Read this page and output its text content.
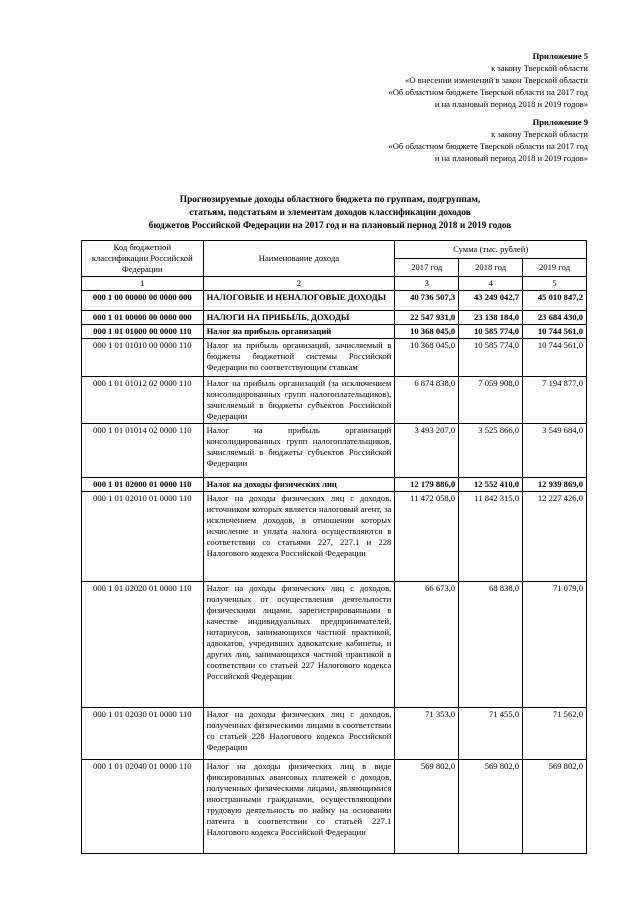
Приложение 5
к закону Тверской области
«О внесении изменений в закон Тверской области
«Об областном бюджете Тверской области на 2017 год
и на плановый период 2018 и 2019 годов»
Приложение 9
к закону Тверской области
«Об областном бюджете Тверской области на 2017 год
и на плановый период 2018 и 2019 годов»
Прогнозируемые доходы областного бюджета по группам, подгруппам,
статьям, подстатьям и элементам доходов классификации доходов
бюджетов Российской Федерации на 2017 год и на плановый период 2018 и 2019 годов
Код бюджетной классификации Российской Федерации	Наименование дохода	Сумма (тыс. рублей)		
		2017 год	2018 год	2019 год
1	2	3	4	5
000 1 00 00000 00 0000 000	НАЛОГОВЫЕ И НЕНАЛОГОВЫЕ ДОХОДЫ	40 736 507,3	43 249 042,7	45 010 847,2
000 1 01 00000 00 0000 000	НАЛОГИ НА ПРИБЫЛЬ, ДОХОДЫ	22 547 931,0	23 138 184,0	23 684 430,0
000 1 01 01000 00 0000 110	Налог на прибыль организаций	10 368 045,0	10 585 774,0	10 744 561,0
000 1 01 01010 00 0000 110	Налог на прибыль организаций, зачисляемый в бюджеты бюджетной системы Российской Федерации по соответствующим ставкам	10 368 045,0	10 585 774,0	10 744 561,0
000 1 01 01012 02 0000 110	Налог на прибыль организаций (за исключением консолидированных групп налогоплательщиков), зачисляемый в бюджеты субъектов Российской Федерации	6 874 838,0	7 059 908,0	7 194 877,0
000 1 01 01014 02 0000 110	Налог на прибыль организаций консолидированных групп налогоплательщиков, зачисляемый в бюджеты субъектов Российской Федерации	3 493 207,0	3 525 866,0	3 549 684,0
000 1 01 02000 01 0000 110	Налог на доходы физических лиц	12 179 886,0	12 552 410,0	12 939 869,0
000 1 01 02010 01 0000 110	Налог на доходы физических лиц с доходов, источником которых является налоговый агент, за исключением доходов, в отношении которых исчисление и уплата налога осуществляются в соответствии со статьями 227, 227.1 и 228 Налогового кодекса Российской Федерации	11 472 058,0	11 842 315,0	12 227 426,0
000 1 01 02020 01 0000 110	Налог на доходы физических лиц с доходов, полученных от осуществления деятельности физическими лицами, зарегистрированными в качестве индивидуальных предпринимателей, нотариусов, занимающихся частной практикой, адвокатов, учредивших адвокатские кабинеты, и других лиц, занимающихся частной практикой в соответствии со статьей 227 Налогового кодекса Российской Федерации	66 673,0	68 838,0	71 079,0
000 1 01 02030 01 0000 110	Налог на доходы физических лиц с доходов, полученных физическими лицами в соответствии со статьей 228 Налогового кодекса Российской Федерации	71 353,0	71 455,0	71 562,0
000 1 01 02040 01 0000 110	Налог на доходы физических лиц в виде фиксированных авансовых платежей с доходов, полученных физическими лицами, являющимися иностранными гражданами, осуществляющими трудовую деятельность по найму на основании патента в соответствии со статьей 227.1 Налогового кодекса Российской Федерации	569 802,0	569 802,0	569 802,0
